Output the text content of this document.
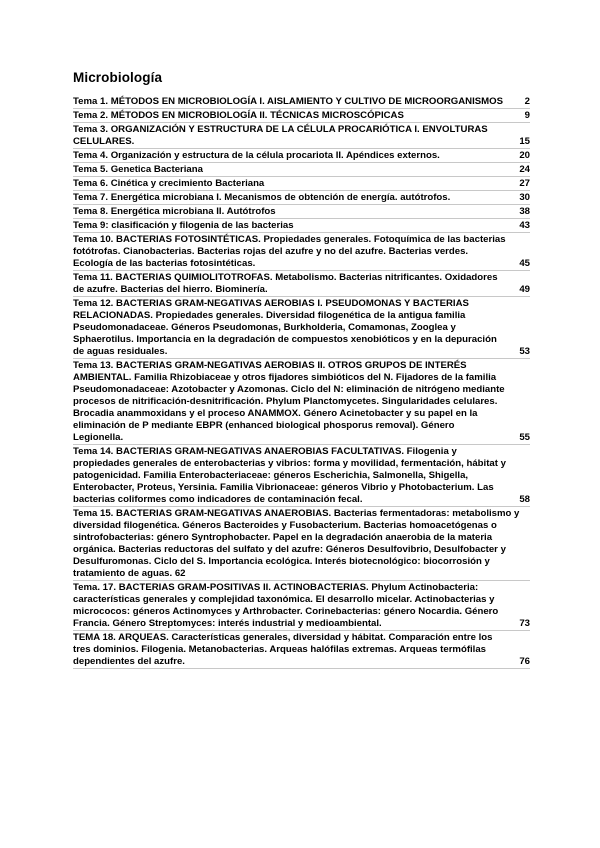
Microbiología
Tema 1. MÉTODOS EN MICROBIOLOGÍA I. AISLAMIENTO Y CULTIVO DE MICROORGANISMOS	2
Tema 2. MÉTODOS EN MICROBIOLOGÍA II. TÉCNICAS MICROSCÓPICAS	9
Tema 3. ORGANIZACIÓN Y ESTRUCTURA DE LA CÉLULA PROCARIÓTICA I. ENVOLTURAS CELULARES.	15
Tema 4. Organización y estructura de la célula procariota II. Apéndices externos.	20
Tema 5. Genetica Bacteriana	24
Tema 6. Cinética y crecimiento Bacteriana	27
Tema 7. Energética microbiana I. Mecanismos de obtención de energía. autótrofos.	30
Tema 8. Energética microbiana II. Autótrofos	38
Tema 9: clasificación y filogenia de las bacterias	43
Tema 10. BACTERIAS FOTOSINTÉTICAS. Propiedades generales. Fotoquímica de las bacterias fotótrofas. Cianobacterias. Bacterias rojas del azufre y no del azufre. Bacterias verdes. Ecología de las bacterias fotosintéticas.	45
Tema 11. BACTERIAS QUIMIOLITOTROFAS. Metabolismo. Bacterias nitrificantes. Oxidadores de azufre. Bacterias del hierro. Biominería.	49
Tema 12. BACTERIAS GRAM-NEGATIVAS AEROBIAS I. PSEUDOMONAS Y BACTERIAS RELACIONADAS. Propiedades generales. Diversidad filogenética de la antigua familia Pseudomonadaceae. Géneros Pseudomonas, Burkholderia, Comamonas, Zooglea y Sphaerotilus. Importancia en la degradación de compuestos xenobióticos y en la depuración de aguas residuales.	53
Tema 13. BACTERIAS GRAM-NEGATIVAS AEROBIAS II. OTROS GRUPOS DE INTERÉS AMBIENTAL. Familia Rhizobiaceae y otros fijadores simbióticos del N. Fijadores de la familia Pseudomonadaceae: Azotobacter y Azomonas. Ciclo del N: eliminación de nitrógeno mediante procesos de nitrificación-desnitrificación. Phylum Planctomycetes. Singularidades celulares. Brocadia anammoxidans y el proceso ANAMMOX. Género Acinetobacter y su papel en la eliminación de P mediante EBPR (enhanced biological phosporus removal). Género Legionella.	55
Tema 14. BACTERIAS GRAM-NEGATIVAS ANAEROBIAS FACULTATIVAS. Filogenia y propiedades generales de enterobacterias y vibrios: forma y movilidad, fermentación, hábitat y patogenicidad. Familia Enterobacteriaceae: géneros Escherichia, Salmonella, Shigella, Enterobacter, Proteus, Yersinia. Familia Vibrionaceae: géneros Vibrio y Photobacterium. Las bacterias coliformes como indicadores de contaminación fecal.	58
Tema 15. BACTERIAS GRAM-NEGATIVAS ANAEROBIAS. Bacterias fermentadoras: metabolismo y diversidad filogenética. Géneros Bacteroides y Fusobacterium. Bacterias homoacetógenas o sintrofobacterias: género Syntrophobacter. Papel en la degradación anaerobia de la materia orgánica. Bacterias reductoras del sulfato y del azufre: Géneros Desulfovibrio, Desulfobacter y Desulfuromonas. Ciclo del S. Importancia ecológica. Interés biotecnológico: biocorrosión y tratamiento de aguas. 62
Tema. 17. BACTERIAS GRAM-POSITIVAS II. ACTINOBACTERIAS. Phylum Actinobacteria: características generales y complejidad taxonómica. El desarrollo micelar. Actinobacterias y micrococos: géneros Actinomyces y Arthrobacter. Corinebacterias: género Nocardia. Género Francia. Género Streptomyces: interés industrial y medioambiental.	73
TEMA 18. ARQUEAS. Características generales, diversidad y hábitat. Comparación entre los tres dominios. Filogenia. Metanobacterias. Arqueas halófilas extremas. Arqueas termófilas dependientes del azufre.	76
